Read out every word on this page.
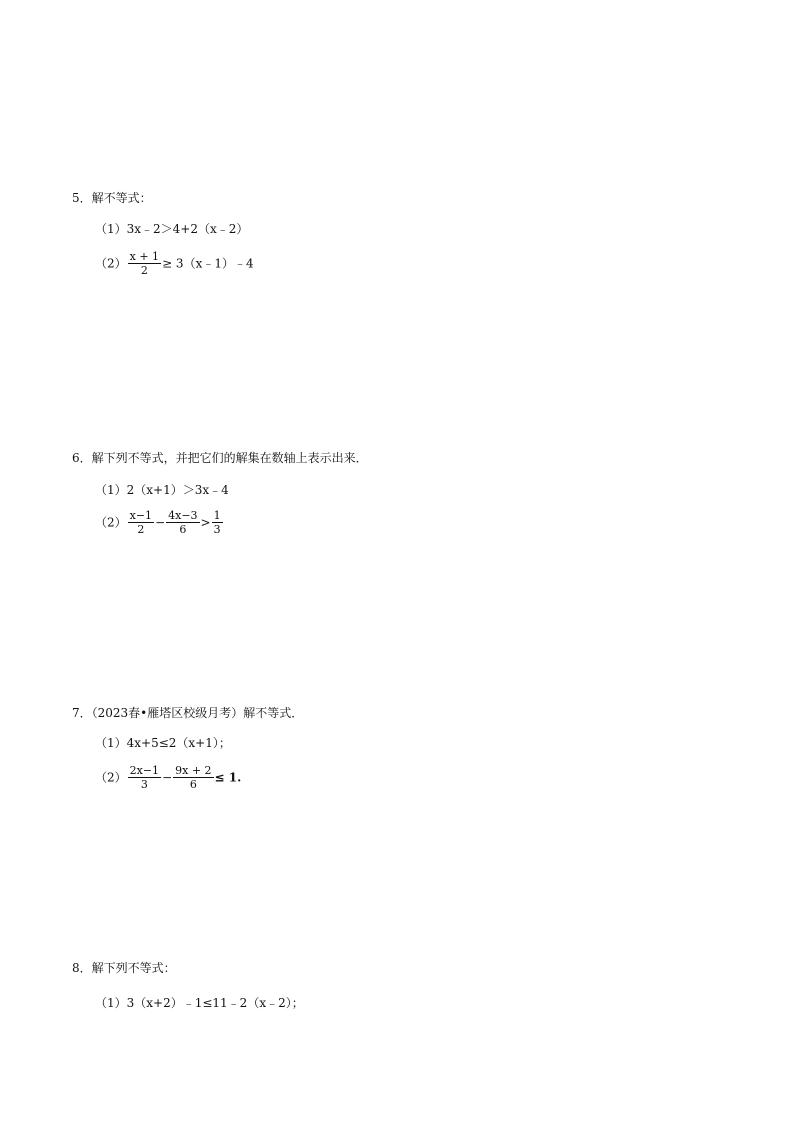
5．解不等式：
（1）3x﹣2＞4+2（x﹣2）
$(2) \frac{x + 1}{2}$ ≥ 3（x﹣1）﹣4
6．解下列不等式，并把它们的解集在数轴上表示出来．
（1）2（x+1）＞3x﹣4
$(2) \frac{x-1}{2} - \frac{4x-3}{6} > \frac{1}{3}$
7．（2023春•雁塔区校级月考）解不等式．
（1）4x+5≤2（x+1）；
$(2) \frac{2x-1}{3} - \frac{9x + 2}{6} \le 1$.
8．解下列不等式：
（1）3（x+2）﹣1≤11﹣2（x﹣2）；
